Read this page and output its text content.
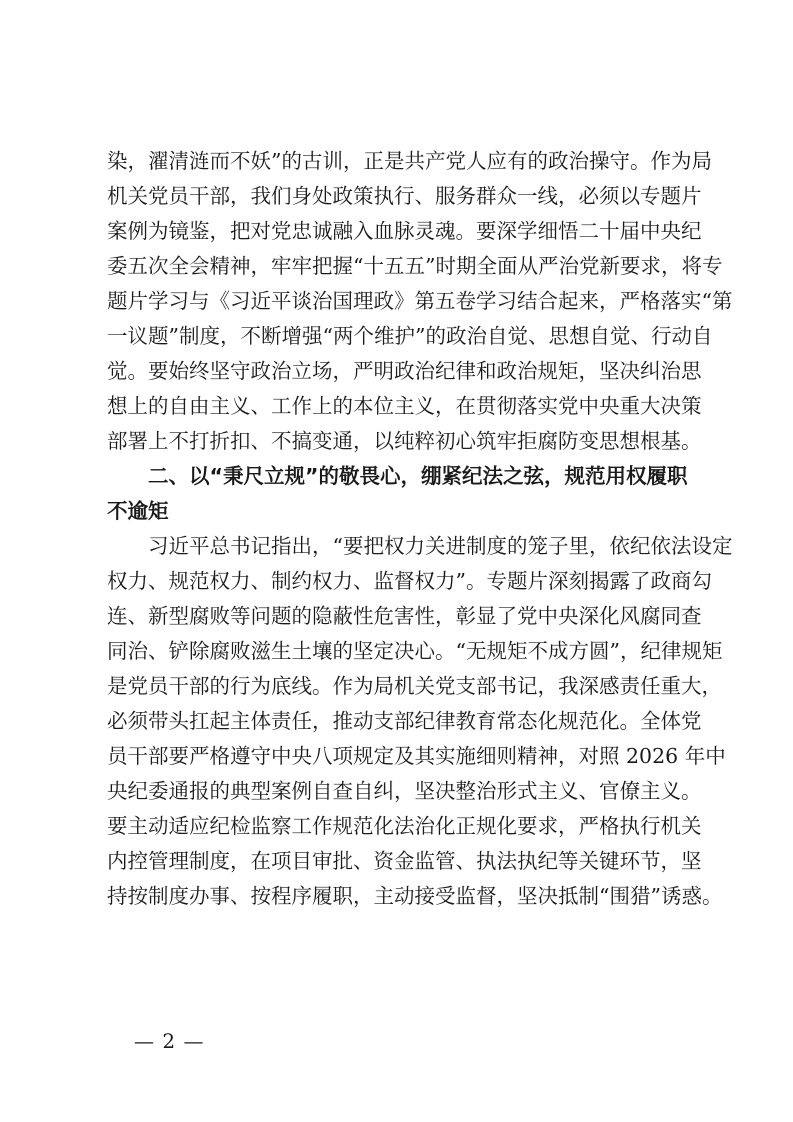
染，濯清涟而不妖”的古训，正是共产党人应有的政治操守。作为局
机关党员干部，我们身处政策执行、服务群众一线，必须以专题片
案例为镜鉴，把对党忠诚融入血脉灵魂。要深学细悟二十届中央纪
委五次全会精神，牢牢把握“十五五”时期全面从严治党新要求，将专
题片学习与《习近平谈治国理政》第五卷学习结合起来，严格落实“第
一议题”制度，不断增强“两个维护”的政治自觉、思想自觉、行动自
觉。要始终坚守政治立场，严明政治纪律和政治规矩，坚决纠治思
想上的自由主义、工作上的本位主义，在贯彻落实党中央重大决策
部署上不打折扣、不搞变通，以纯粹初心筑牢拒腐防变思想根基。

二、以“秉尺立规”的敬畏心，绷紧纪法之弦，规范用权履职
不逾矩

习近平总书记指出，“要把权力关进制度的笼子里，依纪依法设定
权力、规范权力、制约权力、监督权力”。专题片深刻揭露了政商勾
连、新型腐败等问题的隐蔽性危害性，彰显了党中央深化风腐同查
同治、铲除腐败滋生土壤的坚定决心。“无规矩不成方圆”，纪律规矩
是党员干部的行为底线。作为局机关党支部书记，我深感责任重大，
必须带头扛起主体责任，推动支部纪律教育常态化规范化。全体党
员干部要严格遵守中央八项规定及其实施细则精神，对照 2026 年中
央纪委通报的典型案例自查自纠，坚决整治形式主义、官僚主义。
要主动适应纪检监察工作规范化法治化正规化要求，严格执行机关
内控管理制度，在项目审批、资金监管、执法执纪等关键环节，坚
持按制度办事、按程序履职，主动接受监督，坚决抵制“围猎”诱惑。

— 2 —
